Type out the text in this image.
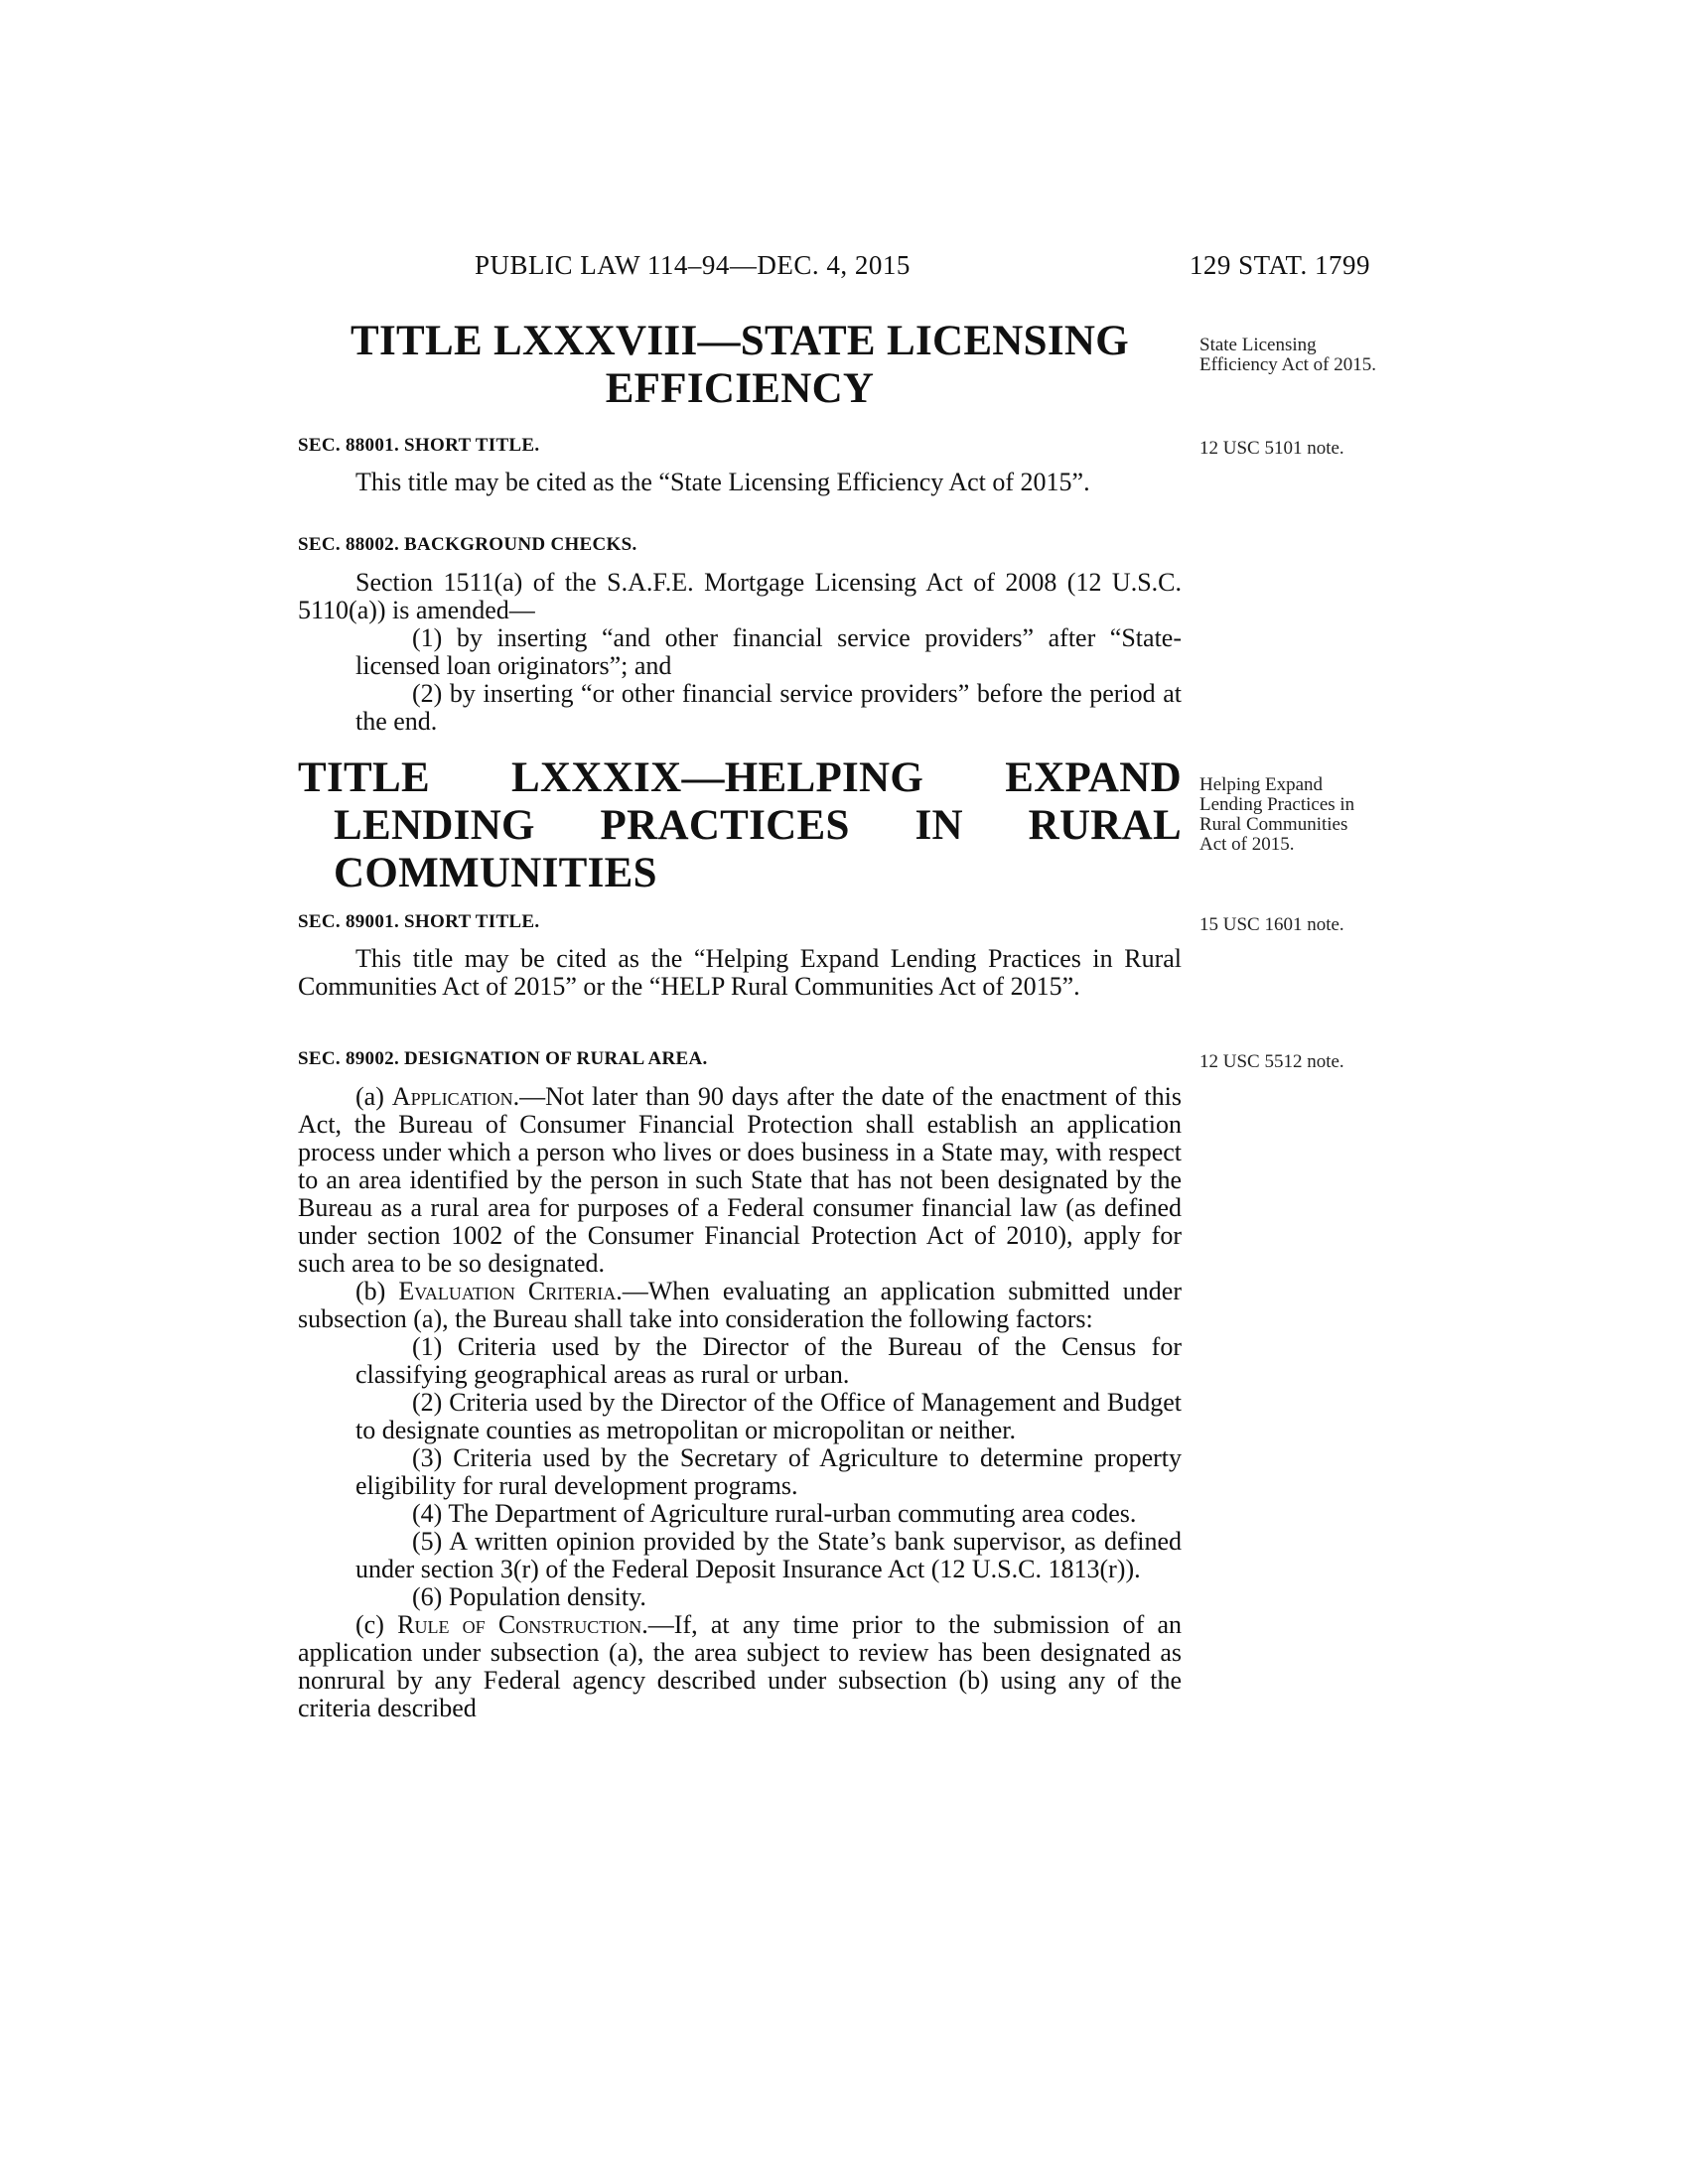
PUBLIC LAW 114–94—DEC. 4, 2015	129 STAT. 1799
State Licensing Efficiency Act of 2015.
12 USC 5101 note.
Helping Expand Lending Practices in Rural Communities Act of 2015.
15 USC 1601 note.
12 USC 5512 note.

TITLE LXXXVIII—STATE LICENSING

EFFICIENCY

SEC. 88001. SHORT TITLE.

This title may be cited as the “State Licensing Efficiency Act of 2015”.

SEC. 88002. BACKGROUND CHECKS.

Section 1511(a) of the S.A.F.E. Mortgage Licensing Act of 2008 (12 U.S.C. 5110(a)) is amended—

(1) by inserting “and other financial service providers” after “State-licensed loan originators”; and

(2) by inserting “or other financial service providers” before the period at the end.

TITLE LXXXIX—HELPING EXPAND LENDING PRACTICES IN RURAL COMMUNITIES

SEC. 89001. SHORT TITLE.

This title may be cited as the “Helping Expand Lending Practices in Rural Communities Act of 2015” or the “HELP Rural Communities Act of 2015”.

SEC. 89002. DESIGNATION OF RURAL AREA.

(a) Application.—Not later than 90 days after the date of the enactment of this Act, the Bureau of Consumer Financial Protection shall establish an application process under which a person who lives or does business in a State may, with respect to an area identified by the person in such State that has not been designated by the Bureau as a rural area for purposes of a Federal consumer financial law (as defined under section 1002 of the Consumer Financial Protection Act of 2010), apply for such area to be so designated.

(b) Evaluation Criteria.—When evaluating an application submitted under subsection (a), the Bureau shall take into consideration the following factors:

(1) Criteria used by the Director of the Bureau of the Census for classifying geographical areas as rural or urban.

(2) Criteria used by the Director of the Office of Management and Budget to designate counties as metropolitan or micropolitan or neither.

(3) Criteria used by the Secretary of Agriculture to determine property eligibility for rural development programs.

(4) The Department of Agriculture rural-urban commuting area codes.

(5) A written opinion provided by the State’s bank supervisor, as defined under section 3(r) of the Federal Deposit Insurance Act (12 U.S.C. 1813(r)).

(6) Population density.

(c) Rule of Construction.—If, at any time prior to the submission of an application under subsection (a), the area subject to review has been designated as nonrural by any Federal agency described under subsection (b) using any of the criteria described
